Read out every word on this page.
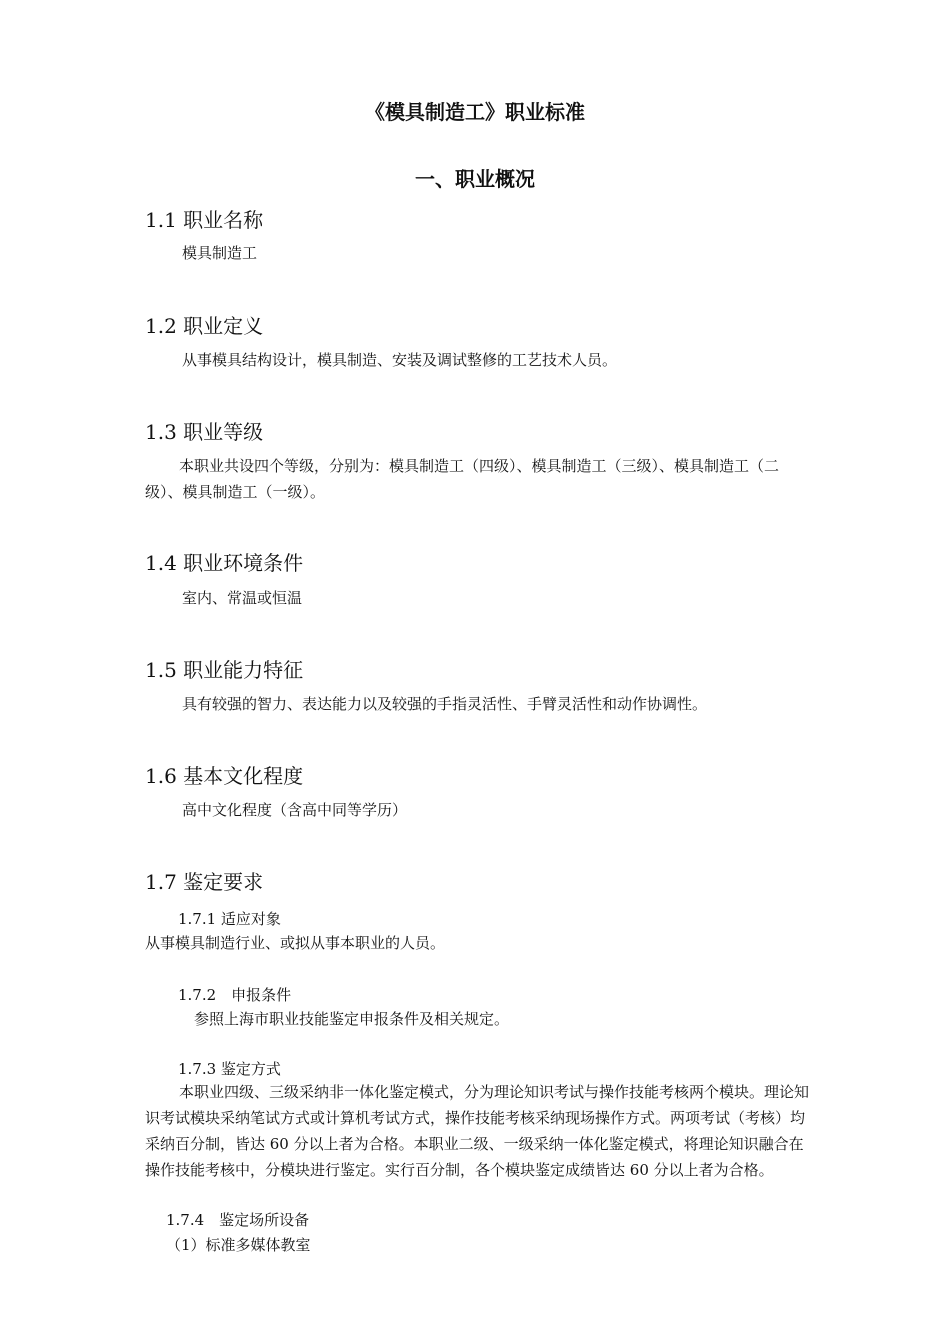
《模具制造工》职业标准
一、职业概况
1.1 职业名称
模具制造工
1.2 职业定义
从事模具结构设计，模具制造、安装及调试整修的工艺技术人员。
1.3 职业等级
本职业共设四个等级，分别为：模具制造工（四级）、模具制造工（三级）、模具制造工（二级）、模具制造工（一级）。
1.4 职业环境条件
室内、常温或恒温
1.5 职业能力特征
具有较强的智力、表达能力以及较强的手指灵活性、手臂灵活性和动作协调性。
1.6 基本文化程度
高中文化程度（含高中同等学历）
1.7 鉴定要求
1.7.1 适应对象
从事模具制造行业、或拟从事本职业的人员。
1.7.2　申报条件
参照上海市职业技能鉴定申报条件及相关规定。
1.7.3 鉴定方式
本职业四级、三级采纳非一体化鉴定模式，分为理论知识考试与操作技能考核两个模块。理论知识考试模块采纳笔试方式或计算机考试方式，操作技能考核采纳现场操作方式。两项考试（考核）均采纳百分制，皆达 60 分以上者为合格。本职业二级、一级采纳一体化鉴定模式，将理论知识融合在操作技能考核中，分模块进行鉴定。实行百分制，各个模块鉴定成绩皆达 60 分以上者为合格。
1.7.4　鉴定场所设备
（1）标准多媒体教室
